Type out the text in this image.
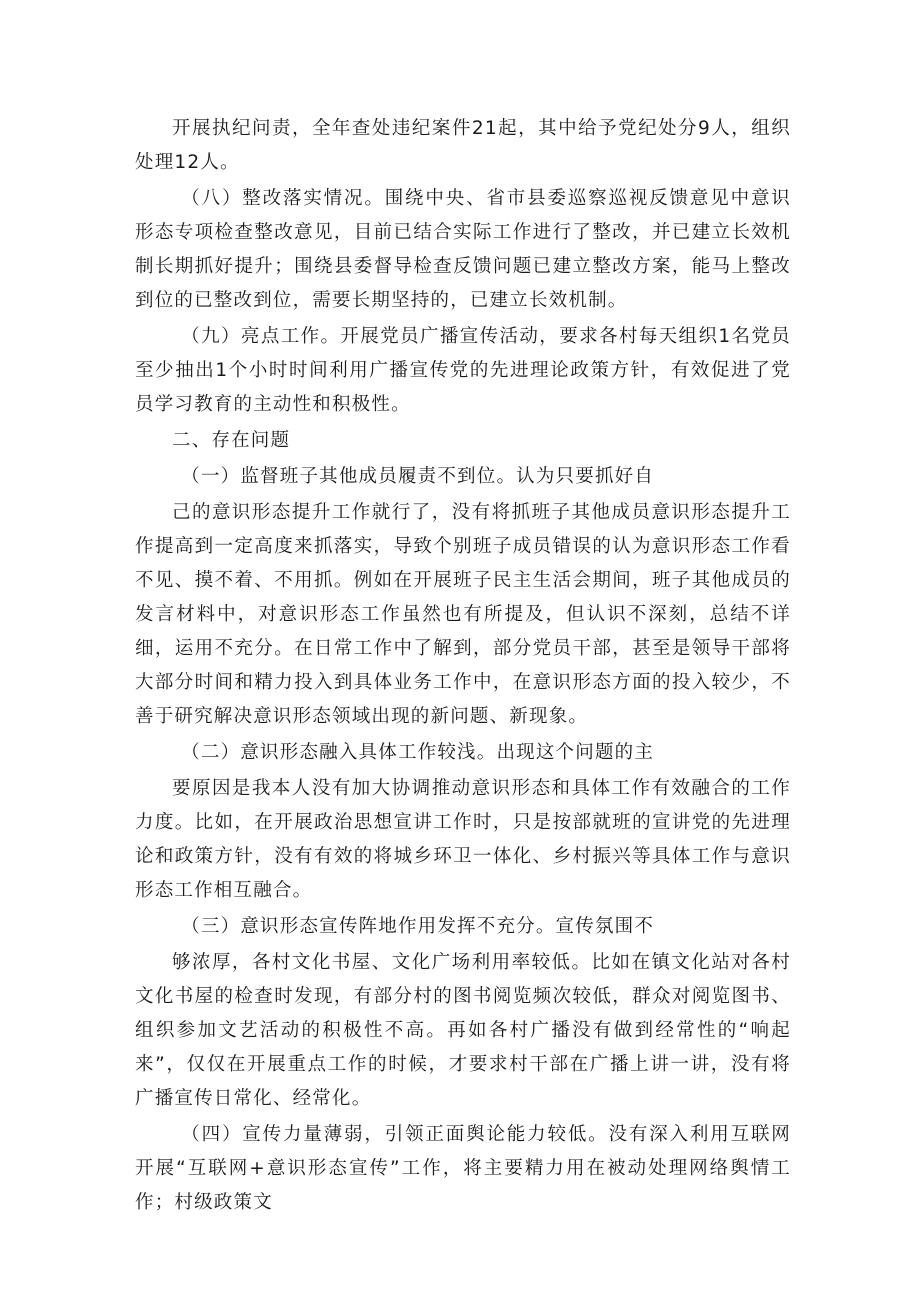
开展执纪问责，全年查处违纪案件21起，其中给予党纪处分9人，组织处理12人。

（八）整改落实情况。围绕中央、省市县委巡察巡视反馈意见中意识形态专项检查整改意见，目前已结合实际工作进行了整改，并已建立长效机制长期抓好提升；围绕县委督导检查反馈问题已建立整改方案，能马上整改到位的已整改到位，需要长期坚持的，已建立长效机制。

（九）亮点工作。开展党员广播宣传活动，要求各村每天组织1名党员至少抽出1个小时时间利用广播宣传党的先进理论政策方针，有效促进了党员学习教育的主动性和积极性。

二、存在问题

（一）监督班子其他成员履责不到位。认为只要抓好自

己的意识形态提升工作就行了，没有将抓班子其他成员意识形态提升工作提高到一定高度来抓落实，导致个别班子成员错误的认为意识形态工作看不见、摸不着、不用抓。例如在开展班子民主生活会期间，班子其他成员的发言材料中，对意识形态工作虽然也有所提及，但认识不深刻，总结不详细，运用不充分。在日常工作中了解到，部分党员干部，甚至是领导干部将大部分时间和精力投入到具体业务工作中，在意识形态方面的投入较少，不善于研究解决意识形态领域出现的新问题、新现象。

（二）意识形态融入具体工作较浅。出现这个问题的主

要原因是我本人没有加大协调推动意识形态和具体工作有效融合的工作力度。比如，在开展政治思想宣讲工作时，只是按部就班的宣讲党的先进理论和政策方针，没有有效的将城乡环卫一体化、乡村振兴等具体工作与意识形态工作相互融合。

（三）意识形态宣传阵地作用发挥不充分。宣传氛围不

够浓厚，各村文化书屋、文化广场利用率较低。比如在镇文化站对各村文化书屋的检查时发现，有部分村的图书阅览频次较低，群众对阅览图书、组织参加文艺活动的积极性不高。再如各村广播没有做到经常性的“响起来”，仅仅在开展重点工作的时候，才要求村干部在广播上讲一讲，没有将广播宣传日常化、经常化。

（四）宣传力量薄弱，引领正面舆论能力较低。没有深入利用互联网开展“互联网+意识形态宣传”工作，将主要精力用在被动处理网络舆情工作；村级政策文
